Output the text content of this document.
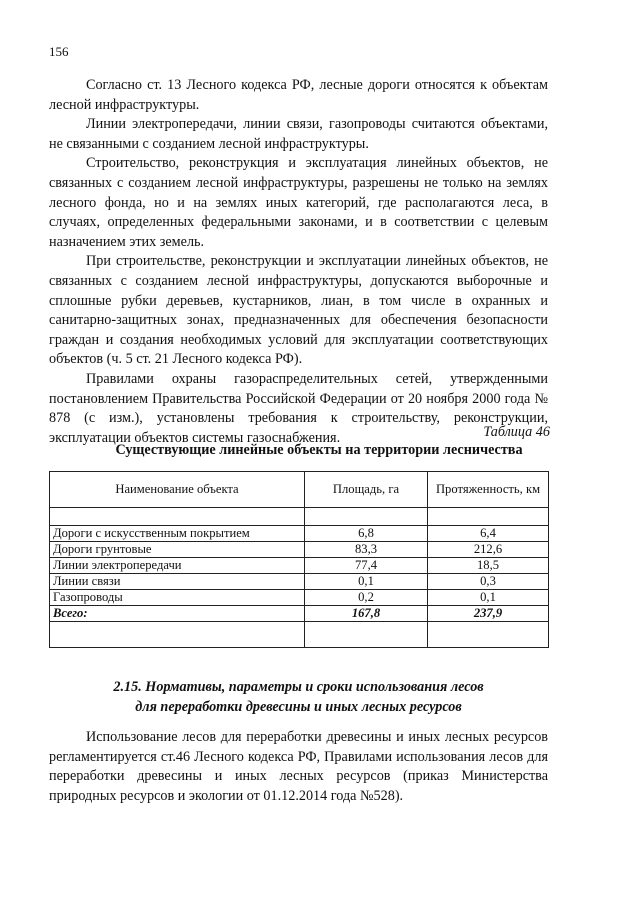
156

Согласно ст. 13 Лесного кодекса РФ, лесные дороги относятся к объектам лесной инфраструктуры.

Линии электропередачи, линии связи, газопроводы считаются объектами, не связанными с созданием лесной инфраструктуры.

Строительство, реконструкция и эксплуатация линейных объектов, не связанных с созданием лесной инфраструктуры, разрешены не только на землях лесного фонда, но и на землях иных категорий, где располагаются леса, в случаях, определенных федеральными законами, и в соответствии с целевым назначением этих земель.

При строительстве, реконструкции и эксплуатации линейных объектов, не связанных с созданием лесной инфраструктуры, допускаются выборочные и сплошные рубки деревьев, кустарников, лиан, в том числе в охранных и санитарно-защитных зонах, предназначенных для обеспечения безопасности граждан и создания необходимых условий для эксплуатации соответствующих объектов (ч. 5 ст. 21 Лесного кодекса РФ).

Правилами охраны газораспределительных сетей, утвержденными постановлением Правительства Российской Федерации от 20 ноября 2000 года № 878 (с изм.), установлены требования к строительству, реконструкции, эксплуатации объектов системы газоснабжения.	Таблица 46
Существующие линейные объекты на территории лесничества
Наименование объекта	Площадь, га	Протяженность, км

Дороги с искусственным покрытием	6,8	6,4
Дороги грунтовые	83,3	212,6
Линии электропередачи	77,4	18,5
Линии связи	0,1	0,3
Газопроводы	0,2	0,1
Всего:	167,8	237,9

2.15. Нормативы, параметры и сроки использования лесов
для переработки древесины и иных лесных ресурсов

Использование лесов для переработки древесины и иных лесных ресурсов регламентируется ст.46 Лесного кодекса РФ, Правилами использования лесов для переработки древесины и иных лесных ресурсов (приказ Министерства природных ресурсов и экологии от 01.12.2014 года №528).
